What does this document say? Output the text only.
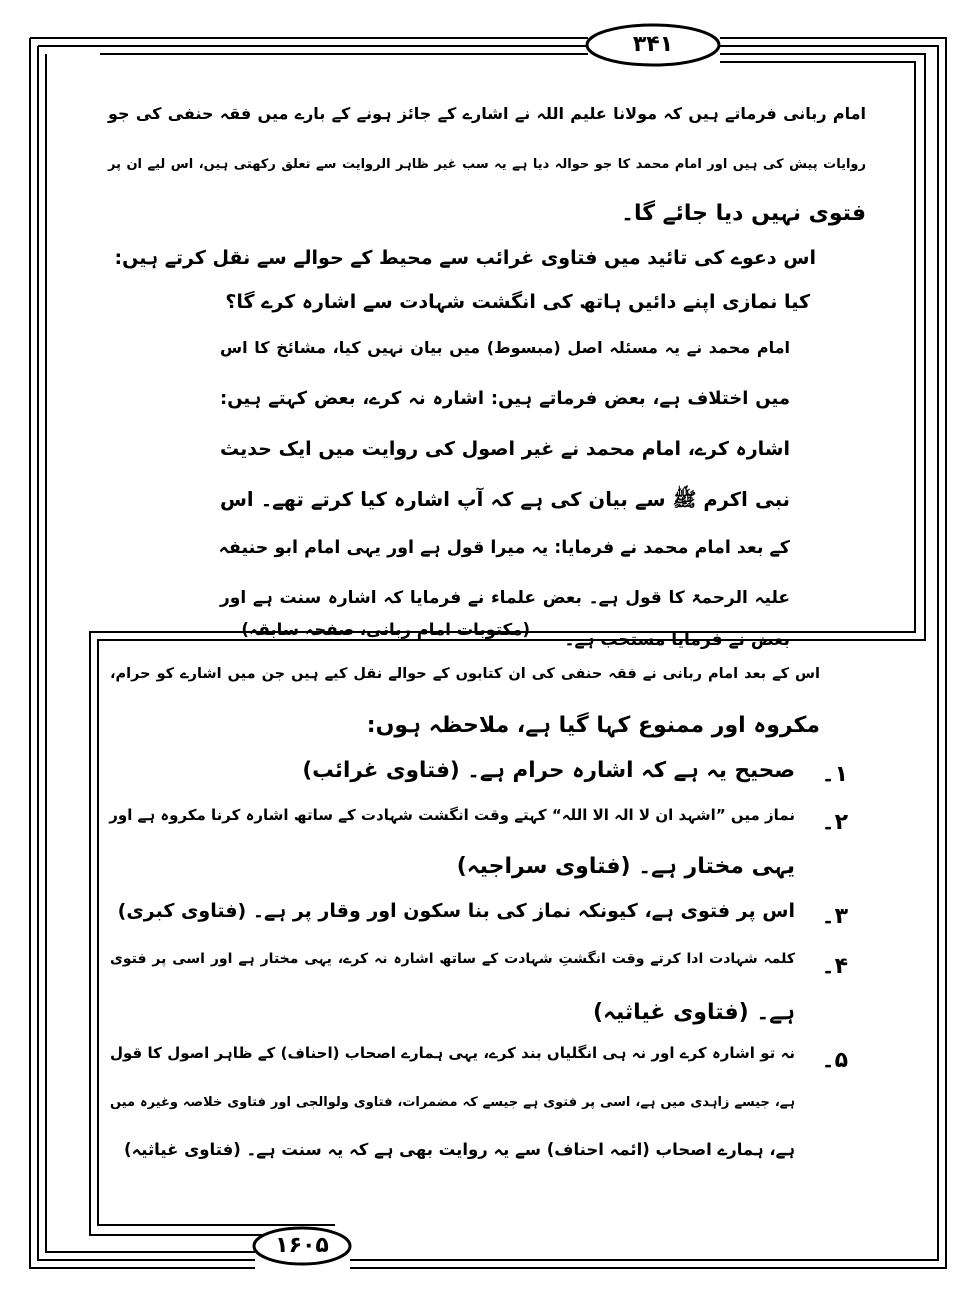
۳۴۱
۱۶۰۵
امام ربانی فرماتے ہیں کہ مولانا علیم اللہ نے اشارے کے جائز ہونے کے بارے میں فقہ حنفی کی جو
روایات پیش کی ہیں اور امام محمد کا جو حوالہ دیا ہے یہ سب غیر ظاہر الروایت سے تعلق رکھتی ہیں، اس لیے ان پر
فتوی نہیں دیا جائے گا۔
اس دعوے کی تائید میں فتاوی غرائب سے محیط کے حوالے سے نقل کرتے ہیں:
کیا نمازی اپنے دائیں ہاتھ کی انگشت شہادت سے اشارہ کرے گا؟
امام محمد نے یہ مسئلہ اصل (مبسوط) میں بیان نہیں کیا، مشائخ کا اس
میں اختلاف ہے، بعض فرماتے ہیں: اشارہ نہ کرے، بعض کہتے ہیں:
اشارہ کرے، امام محمد نے غیر اصول کی روایت میں ایک حدیث
نبی اکرم ﷺ سے بیان کی ہے کہ آپ اشارہ کیا کرتے تھے۔ اس
کے بعد امام محمد نے فرمایا: یہ میرا قول ہے اور یہی امام ابو حنیفہ
علیہ الرحمۃ کا قول ہے۔ بعض علماء نے فرمایا کہ اشارہ سنت ہے اور
بعض نے فرمایا مستحب ہے۔
(مکتوبات امام ربانی، صفحہ سابقہ)
اس کے بعد امام ربانی نے فقہ حنفی کی ان کتابوں کے حوالے نقل کیے ہیں جن میں اشارے کو حرام،
مکروہ اور ممنوع کہا گیا ہے، ملاحظہ ہوں:
۱۔
صحیح یہ ہے کہ اشارہ حرام ہے۔ (فتاوی غرائب)
۲۔
نماز میں ”اشہد ان لا الہ الا اللہ“ کہتے وقت انگشت شہادت کے ساتھ اشارہ کرنا مکروہ ہے اور
یہی مختار ہے۔ (فتاوی سراجیہ)
۳۔
اس پر فتوی ہے، کیونکہ نماز کی بنا سکون اور وقار پر ہے۔ (فتاوی کبری)
۴۔
کلمہ شہادت ادا کرتے وقت انگشتِ شہادت کے ساتھ اشارہ نہ کرے، یہی مختار ہے اور اسی پر فتوی
ہے۔ (فتاوی غیاثیہ)
۵۔
نہ تو اشارہ کرے اور نہ ہی انگلیاں بند کرے، یہی ہمارے اصحاب (احناف) کے ظاہر اصول کا قول
ہے، جیسے زاہدی میں ہے، اسی پر فتوی ہے جیسے کہ مضمرات، فتاوی ولوالجی اور فتاوی خلاصہ وغیرہ میں
ہے، ہمارے اصحاب (ائمہ احناف) سے یہ روایت بھی ہے کہ یہ سنت ہے۔ (فتاوی غیاثیہ)
